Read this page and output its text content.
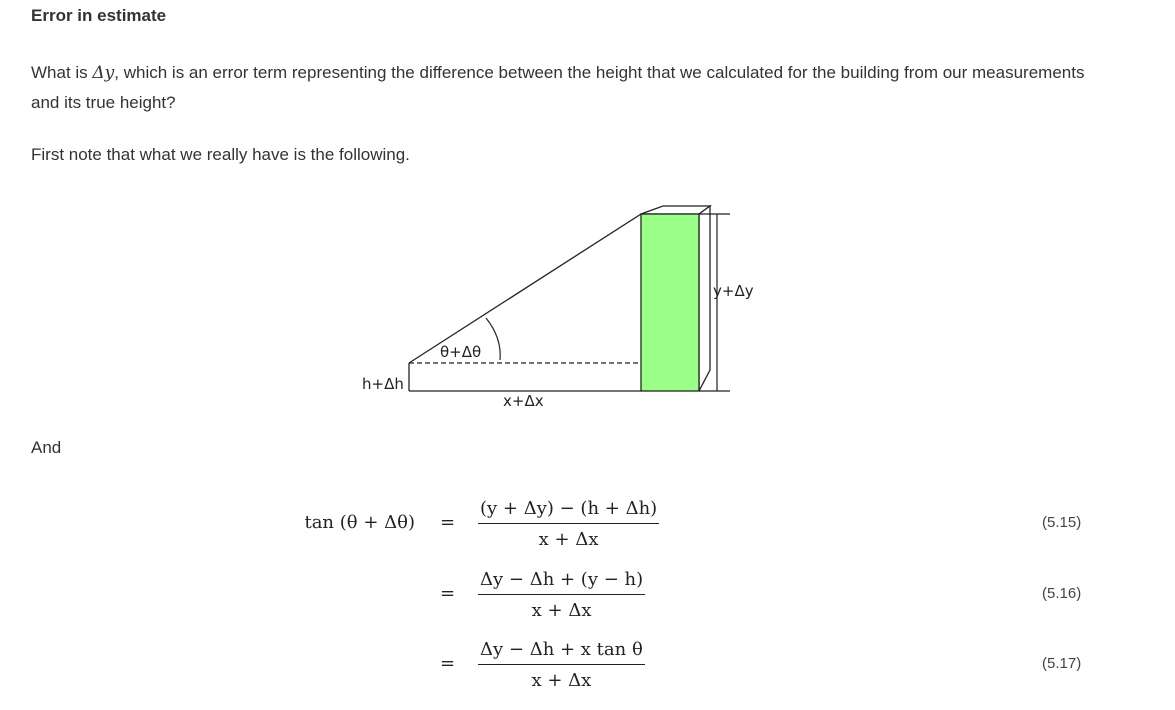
Error in estimate
What is Δy, which is an error term representing the difference between the height that we calculated for the building from our measurements and its true height?
First note that what we really have is the following.
θ+Δθ
h+Δh
x+Δx
y+Δy
And
$\tan (\theta + \Delta\theta) = \frac{(y + \Delta y) - (h + \Delta h)}{x + \Delta x}$	(5.15)
= $\frac{\Delta y - \Delta h + (y - h)}{x + \Delta x}$	(5.16)
= $\frac{\text{Δy − Δh + x tan θ}}{x + \Delta x}$	(5.17)
